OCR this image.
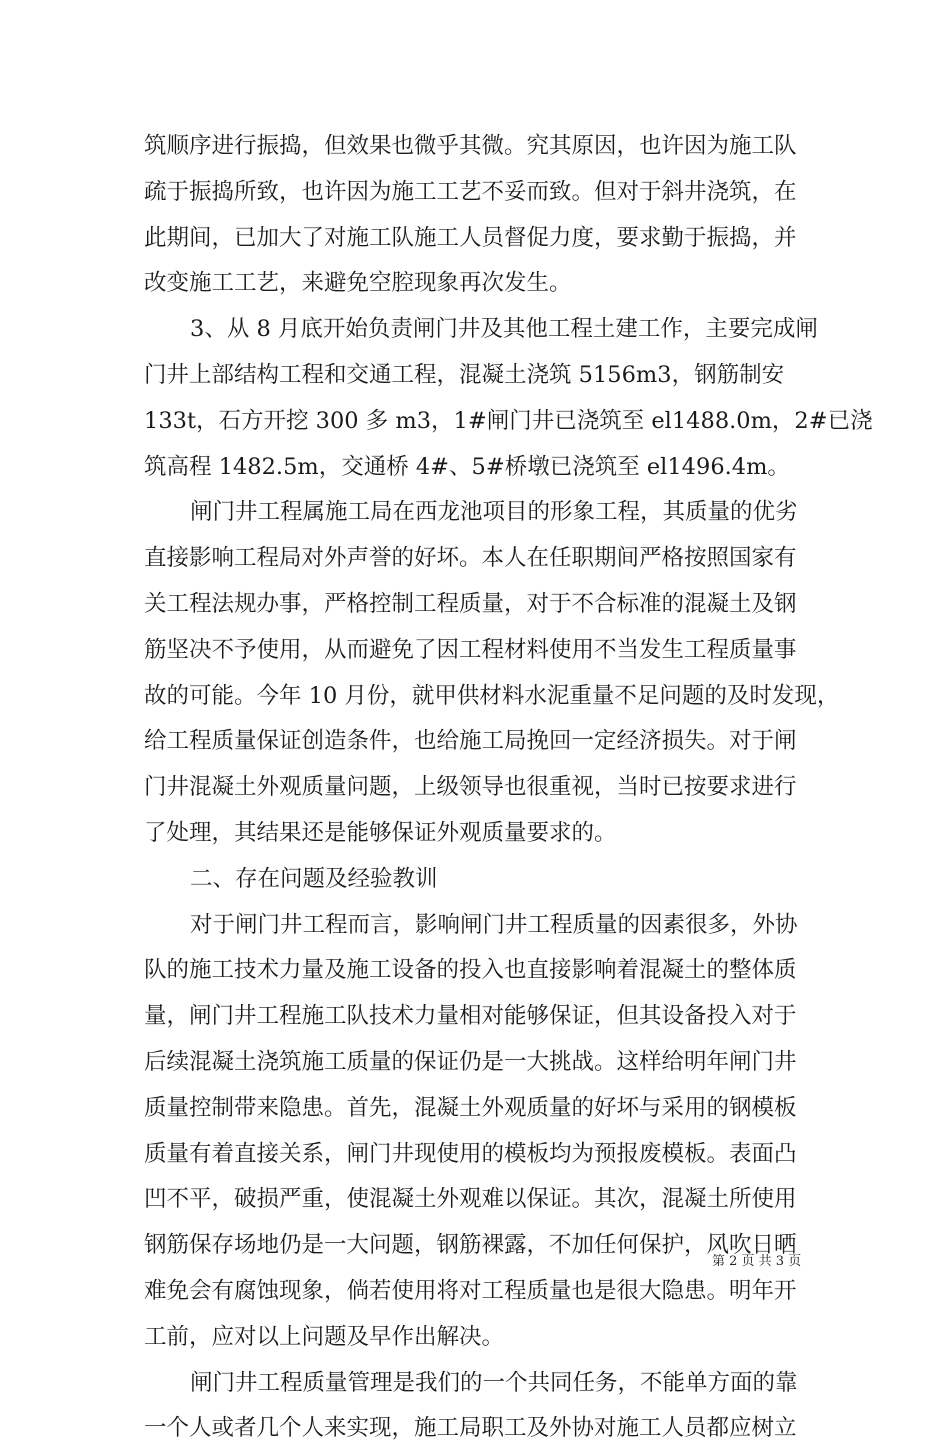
筑顺序进行振捣，但效果也微乎其微。究其原因，也许因为施工队
疏于振捣所致，也许因为施工工艺不妥而致。但对于斜井浇筑，在
此期间，已加大了对施工队施工人员督促力度，要求勤于振捣，并
改变施工工艺，来避免空腔现象再次发生。
3、从 8 月底开始负责闸门井及其他工程土建工作，主要完成闸
门井上部结构工程和交通工程，混凝土浇筑 5156m3，钢筋制安
133t，石方开挖 300 多 m3，1#闸门井已浇筑至 el1488.0m，2#已浇
筑高程 1482.5m，交通桥 4#、5#桥墩已浇筑至 el1496.4m。
闸门井工程属施工局在西龙池项目的形象工程，其质量的优劣
直接影响工程局对外声誉的好坏。本人在任职期间严格按照国家有
关工程法规办事，严格控制工程质量，对于不合标准的混凝土及钢
筋坚决不予使用，从而避免了因工程材料使用不当发生工程质量事
故的可能。今年 10 月份，就甲供材料水泥重量不足问题的及时发现，
给工程质量保证创造条件，也给施工局挽回一定经济损失。对于闸
门井混凝土外观质量问题，上级领导也很重视，当时已按要求进行
了处理，其结果还是能够保证外观质量要求的。
二、存在问题及经验教训
对于闸门井工程而言，影响闸门井工程质量的因素很多，外协
队的施工技术力量及施工设备的投入也直接影响着混凝土的整体质
量，闸门井工程施工队技术力量相对能够保证，但其设备投入对于
后续混凝土浇筑施工质量的保证仍是一大挑战。这样给明年闸门井
质量控制带来隐患。首先，混凝土外观质量的好坏与采用的钢模板
质量有着直接关系，闸门井现使用的模板均为预报废模板。表面凸
凹不平，破损严重，使混凝土外观难以保证。其次，混凝土所使用
钢筋保存场地仍是一大问题，钢筋裸露，不加任何保护，风吹日晒
难免会有腐蚀现象，倘若使用将对工程质量也是很大隐患。明年开
工前，应对以上问题及早作出解决。
闸门井工程质量管理是我们的一个共同任务，不能单方面的靠
一个人或者几个人来实现，施工局职工及外协对施工人员都应树立
第 2 页 共 3 页
